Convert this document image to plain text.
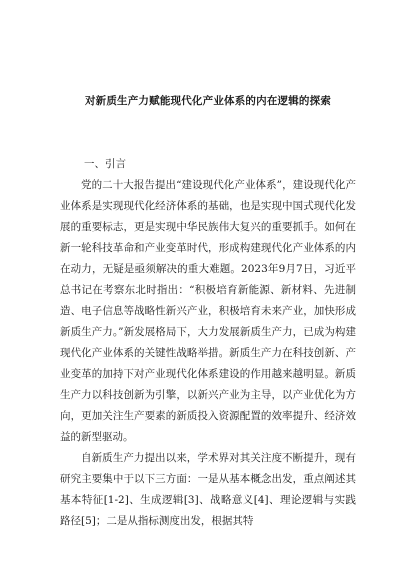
对新质生产力赋能现代化产业体系的内在逻辑的探索
一、引言

党的二十大报告提出“建设现代化产业体系”，建设现代化产业体系是实现现代化经济体系的基础，也是实现中国式现代化发展的重要标志，更是实现中华民族伟大复兴的重要抓手。如何在新一轮科技革命和产业变革时代，形成构建现代化产业体系的内在动力，无疑是亟须解决的重大难题。2023年9月7日，习近平总书记在考察东北时指出：“积极培育新能源、新材料、先进制造、电子信息等战略性新兴产业，积极培育未来产业，加快形成新质生产力。”新发展格局下，大力发展新质生产力，已成为构建现代化产业体系的关键性战略举措。新质生产力在科技创新、产业变革的加持下对产业现代化体系建设的作用越来越明显。新质生产力以科技创新为引擎，以新兴产业为主导，以产业优化为方向，更加关注生产要素的新质投入资源配置的效率提升、经济效益的新型驱动。

自新质生产力提出以来，学术界对其关注度不断提升，现有研究主要集中于以下三方面：一是从基本概念出发，重点阐述其基本特征[1-2]、生成逻辑[3]、战略意义[4]、理论逻辑与实践路径[5]；二是从指标测度出发，根据其特
